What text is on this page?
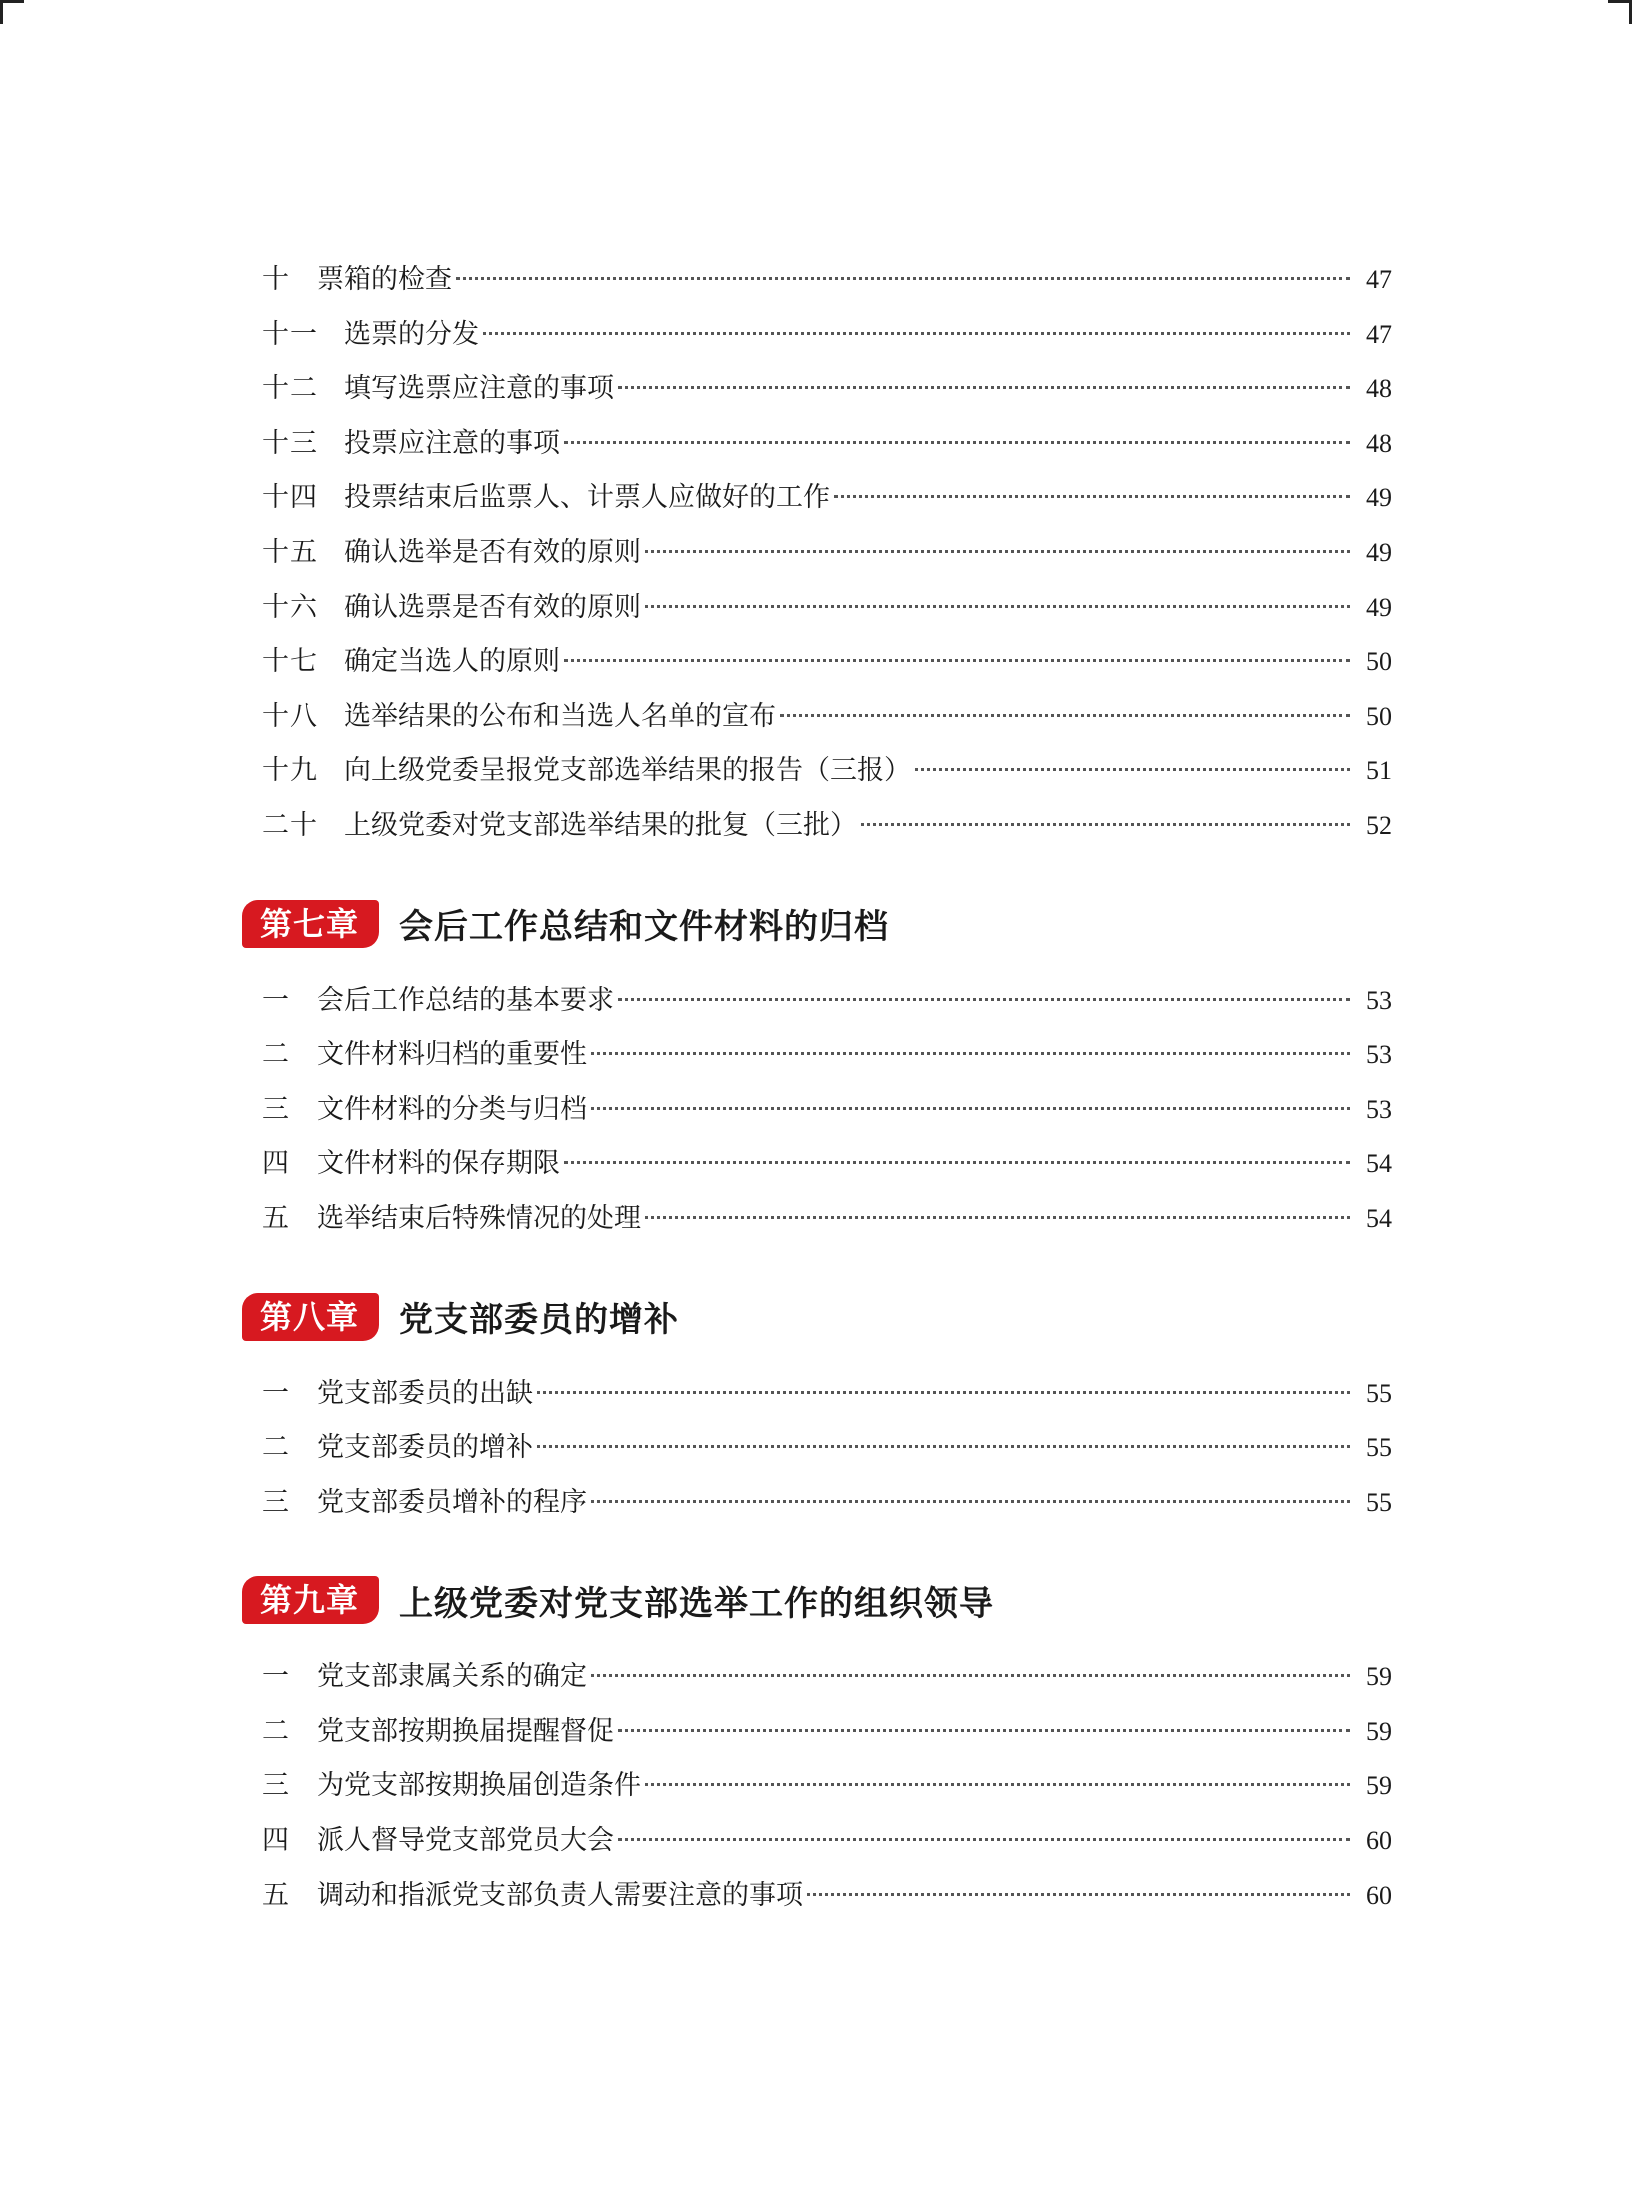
十	票箱的检查	47
十一 选票的分发	47
十二 填写选票应注意的事项	48
十三 投票应注意的事项	48
十四 投票结束后监票人、计票人应做好的工作	49
十五 确认选举是否有效的原则	49
十六 确认选票是否有效的原则	49
十七 确定当选人的原则	50
十八 选举结果的公布和当选人名单的宣布	50
十九 向上级党委呈报党支部选举结果的报告（三报）	51
二十 上级党委对党支部选举结果的批复（三批）	52
第七章	会后工作总结和文件材料的归档
一	会后工作总结的基本要求	53
二	文件材料归档的重要性	53
三	文件材料的分类与归档	53
四	文件材料的保存期限	54
五	选举结束后特殊情况的处理	54
第八章	党支部委员的增补
一	党支部委员的出缺	55
二	党支部委员的增补	55
三	党支部委员增补的程序	55
第九章	上级党委对党支部选举工作的组织领导
一	党支部隶属关系的确定	59
二	党支部按期换届提醒督促	59
三	为党支部按期换届创造条件	59
四	派人督导党支部党员大会	60
五	调动和指派党支部负责人需要注意的事项	60
